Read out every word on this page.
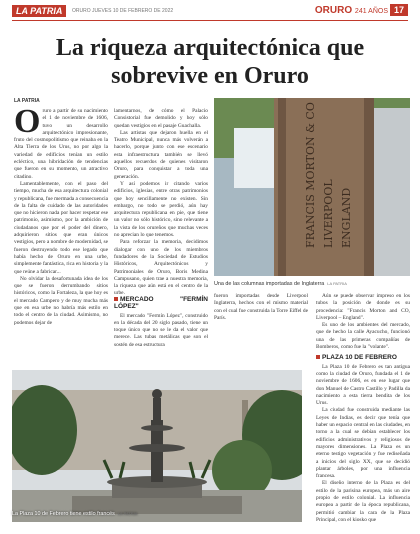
LA PATRIA	ORURO JUEVES 10 DE FEBRERO DE 2022	ORURO 241 AÑOS 17
La riqueza arquitectónica que sobrevive en Oruro
LA PATRIA
O ruro a partir de su nacimiento el 1 de noviembre de 1606, tuvo un desarrollo arquitectónico impresionante, fruto del cosmopolitismo que reinaba en la Alta Tierra de los Urus, no por algo la variedad de edificios tenían un estilo ecléctico, una hibridación de tendencias que fueron en su momento, un atractivo citadino.

Lamentablemente, con el paso del tiempo, mucha de esa arquitectura colonial y republicana, fue mermada a consecuencia de la falta de cuidado de las autoridades que no hicieron nada por hacer respetar ese patrimonio, asimismo, por la ambición de ciudadanos que por el poder del dinero, adquirieron sitios que eran únicos vestigios, pero a nombre de modernidad, se fueron destruyendo todo ese legado que había hecho de Oruro en una urbe, simplemente fantástica, rica en historia y la que reúne a fabricar...

No olvidar la desafortunada idea de los que se fueron derrumbando sitios históricos, como la Fortaleza, la que hoy es el mercado Campero y de muy mucha más que en esa urbe no habría más estilo en todo el centro de la ciudad. Asimismo, no podemos dejar de

lamentarnos, de cómo el Palacio Consistorial fue demolido y hoy sólo quedan vestigios en el pasaje Guachalla.

Las artistas que dejaron huella en el Teatro Municipal, nunca más volverán a hacerlo, porque junto con ese escenario esta infraestructura también se llevó aquellos recuerdos de quienes visitaron Oruro, para conquistar a toda una generación.

Y así podemos ir citando varios edificios, iglesias, entre otras patrimonios que hoy sencillamente no existen. Sin embargo, no todo se perdió, aún hay arquitectura republicana en pie, que tiene un valor no sólo histórico, sino relevante a la vista de los orureños que muchas veces no aprecian lo que tenemos.

Para reforzar la memoria, decidimos dialogar con uno de los miembros fundadores de la Sociedad de Estudios Históricos, Arquitectónicos y Patrimoniales de Oruro, Boris Medina Campusano, quien trae a nuestra memoria, la riqueza que aún está en el centro de la urbe.

FRANCIS MORTON & CO LIVERPOOL ENGLAND
Una de las columnas importadas de Inglaterra LA PATRIA
MERCADO "FERMÍN LÓPEZ"

El mercado "Fermín López", construido en la década del 20 siglo pasado, tiene un toque único que no se le da el valor que merece. Las tubas metálicas que son el sostén de esa estructura

fueron importadas desde Liverpool Inglaterra, hechos con el mismo material con el cual fue construida la Torre Eiffel de París.

Aún se puede observar impreso en los tubos la posición de donde es su procedencia: "Francis Morton and CO, Liverpool – England".

Es uno de los ambientes del mercado, que de hecho la calle Ayacucho, funcionó una de las primeras compañías de Bomberos, como fue la "volante".

PLAZA 10 DE FEBRERO

La Plaza 10 de Febrero es tan antigua como la ciudad de Oruro, fundada el 1 de noviembre de 1606, es en ese lugar que don Manuel de Castro Castillo y Padilla da nacimiento a esta tierra bendita de los Urus.

La ciudad fue construida mediante las Leyes de Indias, es decir que tenía que haber un espacio central en las ciudades, en torno a la cual se debían establecer los edificios administrativos y religiosos de mayores dimensiones. La Plaza es un eterno testigo vegetación y fue rediseñada a inicios del siglo XX, que se decidió plantar árboles, por una influencia francesa.

El diseño interno de la Plaza es del estilo de la parisina europea, más un aire propio de estilo colonial. La influencia europea a partir de la época republicana, permitió cambiar la cara de la Plaza Principal, con el kiosko que

La Plaza 10 de Febrero tiene estilo francés LA PATRIA
